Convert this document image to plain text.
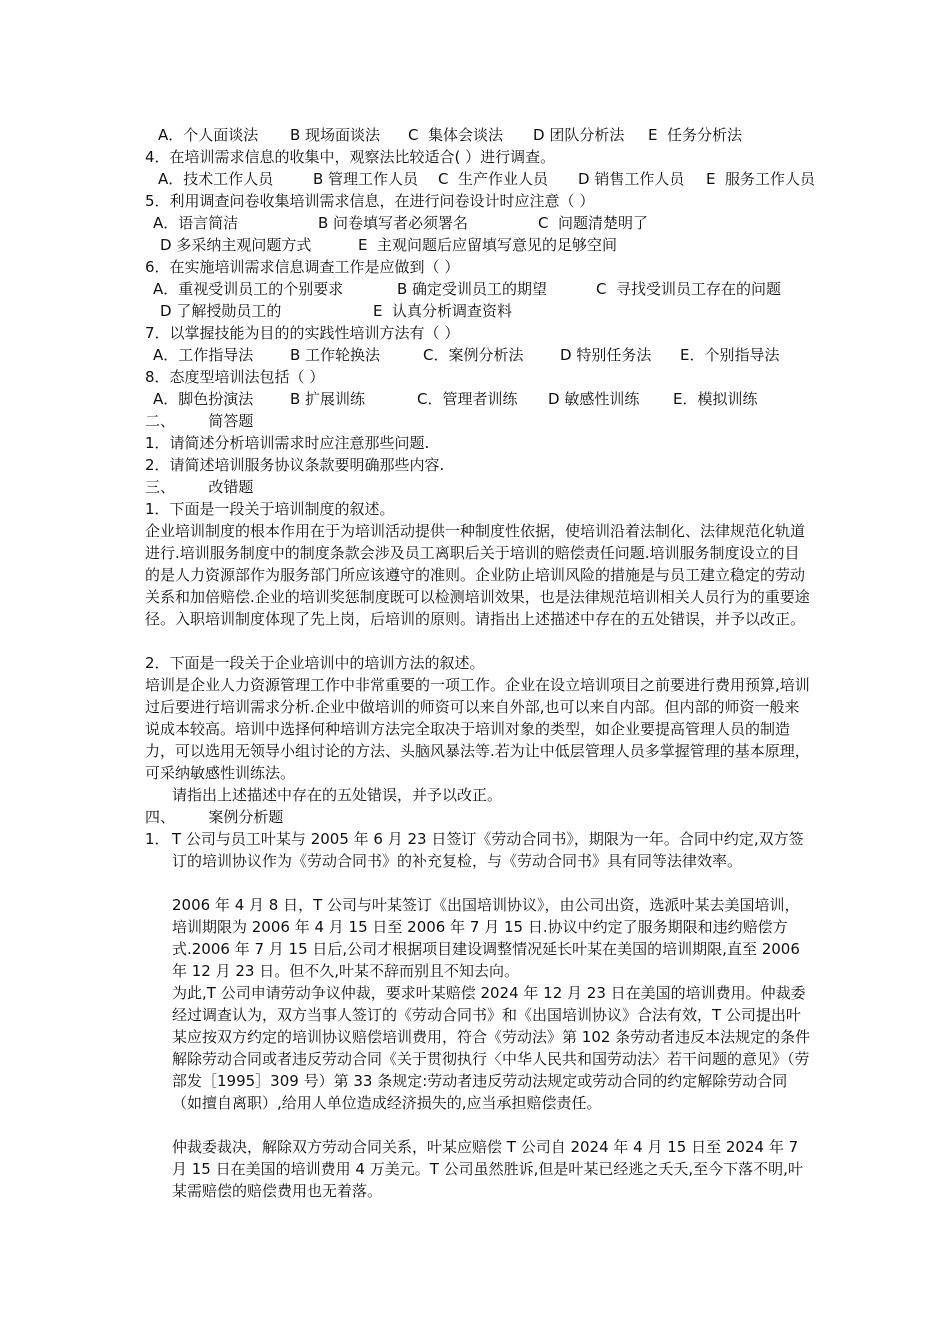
A．个人面谈法 B 现场面谈法 C  集体会谈法 D 团队分析法 E  任务分析法
4．在培训需求信息的收集中，观察法比较适合( ）进行调查。
A．技术工作人员	B 管理工作人员 C  生产作业人员 D 销售工作人员 E  服务工作人员
5．利用调查问卷收集培训需求信息，在进行问卷设计时应注意（ ）
A．语言简洁	B 问卷填写者必须署名	C  问题清楚明了
D 多采纳主观问题方式	E  主观问题后应留填写意见的足够空间
6．在实施培训需求信息调查工作是应做到（ ）
A．重视受训员工的个别要求	B 确定受训员工的期望	C  寻找受训员工存在的问题
D 了解授勋员工的	E  认真分析调查资料
7．以掌握技能为目的的实践性培训方法有（ ）
A．工作指导法 B 工作轮换法	C．案例分析法 D 特别任务法 E．个别指导法
8．态度型培训法包括（ ）
A．脚色扮演法 B 扩展训练	C．管理者训练 D 敏感性训练 E．模拟训练
二、       简答题
1．请简述分析培训需求时应注意那些问题.
2．请简述培训服务协议条款要明确那些内容.
三、       改错题
1．下面是一段关于培训制度的叙述。
企业培训制度的根本作用在于为培训活动提供一种制度性依据，使培训沿着法制化、法律规范化轨道进行.培训服务制度中的制度条款会涉及员工离职后关于培训的赔偿责任问题.培训服务制度设立的目的是人力资源部作为服务部门所应该遵守的准则。企业防止培训风险的措施是与员工建立稳定的劳动关系和加倍赔偿.企业的培训奖惩制度既可以检测培训效果，也是法律规范培训相关人员行为的重要途径。入职培训制度体现了先上岗，后培训的原则。请指出上述描述中存在的五处错误，并予以改正。
2．下面是一段关于企业培训中的培训方法的叙述。
培训是企业人力资源管理工作中非常重要的一项工作。企业在设立培训项目之前要进行费用预算,培训过后要进行培训需求分析.企业中做培训的师资可以来自外部,也可以来自内部。但内部的师资一般来说成本较高。培训中选择何种培训方法完全取决于培训对象的类型，如企业要提高管理人员的制造力，可以选用无领导小组讨论的方法、头脑风暴法等.若为让中低层管理人员多掌握管理的基本原理，可采纳敏感性训练法。
请指出上述描述中存在的五处错误，并予以改正。
四、       案例分析题
1． T 公司与员工叶某与 2005 年 6 月 23 日签订《劳动合同书》，期限为一年。合同中约定,双方签订的培训协议作为《劳动合同书》的补充复检，与《劳动合同书》具有同等法律效率。
2006 年 4 月 8 日，T 公司与叶某签订《出国培训协议》，由公司出资，选派叶某去美国培训，培训期限为 2006 年 4 月 15 日至 2006 年 7 月 15 日.协议中约定了服务期限和违约赔偿方式.2006 年 7 月 15 日后,公司才根据项目建设调整情况延长叶某在美国的培训期限,直至 2006 年 12 月 23 日。但不久,叶某不辞而别且不知去向。
为此,T 公司申请劳动争议仲裁，要求叶某赔偿 2024 年 12 月 23 日在美国的培训费用。仲裁委经过调查认为，双方当事人签订的《劳动合同书》和《出国培训协议》合法有效，T 公司提出叶某应按双方约定的培训协议赔偿培训费用，符合《劳动法》第 102 条劳动者违反本法规定的条件解除劳动合同或者违反劳动合同《关于贯彻执行〈中华人民共和国劳动法〉若干问题的意见》（劳部发［1995］309 号）第 33 条规定:劳动者违反劳动法规定或劳动合同的约定解除劳动合同（如擅自离职）,给用人单位造成经济损失的,应当承担赔偿责任。
仲裁委裁决，解除双方劳动合同关系，叶某应赔偿 T 公司自 2024 年 4 月 15 日至 2024 年 7 月 15 日在美国的培训费用 4 万美元。T 公司虽然胜诉,但是叶某已经逃之夭夭,至今下落不明,叶某需赔偿的赔偿费用也无着落。
